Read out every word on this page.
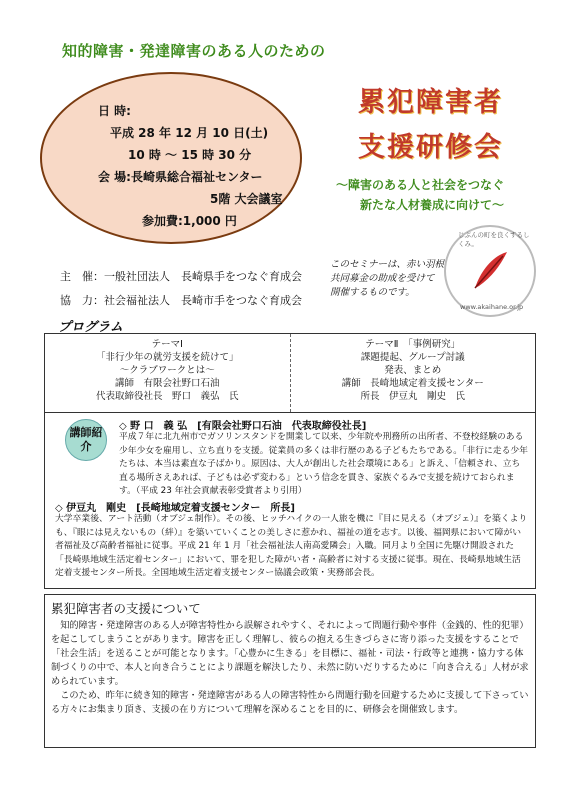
知的障害・発達障害のある人のための
日 時:
平成 28 年 12 月 10 日(土)
10 時 ～ 15 時 30 分
会 場:長崎県総合福祉センター
5階 大会議室
参加費:1,000 円
累犯障害者
支援研修会
～障害のある人と社会をつなぐ
新たな人材養成に向けて～
主　催：一般社団法人　長崎県手をつなぐ育成会
協　力：社会福祉法人　長崎市手をつなぐ育成会
このセミナーは、赤い羽根
共同募金の助成を受けて
開催するものです。
じぶんの町を良くするしくみ。
www.akaihane.or.jp
プログラム
テーマⅠ
「非行少年の就労支援を続けて」
～クラブワークとは～
講師　有限会社野口石油
代表取締役社長　野口　義弘　氏
テーマⅡ　「事例研究」
課題提起、グループ討議
発表、まとめ
講師　長崎地域定着支援センター
所長　伊豆丸　剛史　氏
講師紹介
◇ 野 口　義 弘　[有限会社野口石油　代表取締役社長]
平成７年に北九州市でガソリンスタンドを開業して以来、少年院や刑務所の出所者、不登校経験のある少年少女を雇用し、立ち直りを支援。従業員の多くは非行歴のある子どもたちである。「非行に走る少年たちは、本当は素直な子ばかり。原因は、大人が創出した社会環境にある」と訴え、「信頼され、立ち直る場所さえあれば、子どもは必ず変わる」という信念を貫き、家族ぐるみで支援を続けておられます。（平成 23 年社会貢献表彰受賞者より引用）
◇ 伊豆丸　剛史　[長崎地域定着支援センター　所長]
大学卒業後、アート活動（オブジェ制作）。その後、ヒッチハイクの一人旅を機に『目に見える（オブジェ）』を築くよりも、『眼には見えないもの（絆）』を築いていくことの美しさに惹かれ、福祉の道を志す。以後、福岡県において障がい者福祉及び高齢者福祉に従事。平成 21 年 1 月「社会福祉法人南高愛隣会」入職。同月より全国に先駆け開設された「長崎県地域生活定着センター」において、罪を犯した障がい者・高齢者に対する支援に従事。現在、長崎県地域生活定着支援センター所長。全国地域生活定着支援センター協議会政策・実務部会長。
累犯障害者の支援について

知的障害・発達障害のある人が障害特性から誤解されやすく、それによって問題行動や事件（金銭的、性的犯罪）を起こしてしまうことがあります。障害を正しく理解し、彼らの抱える生きづらさに寄り添った支援をすることで「社会生活」を送ることが可能となります。「心豊かに生きる」を目標に、福祉・司法・行政等と連携・協力する体制づくりの中で、本人と向き合うことにより課題を解決したり、未然に防いだりするために「向き合える」人材が求められています。

このため、昨年に続き知的障害・発達障害がある人の障害特性から問題行動を回避するために支援して下さっている方々にお集まり頂き、支援の在り方について理解を深めることを目的に、研修会を開催致します。
